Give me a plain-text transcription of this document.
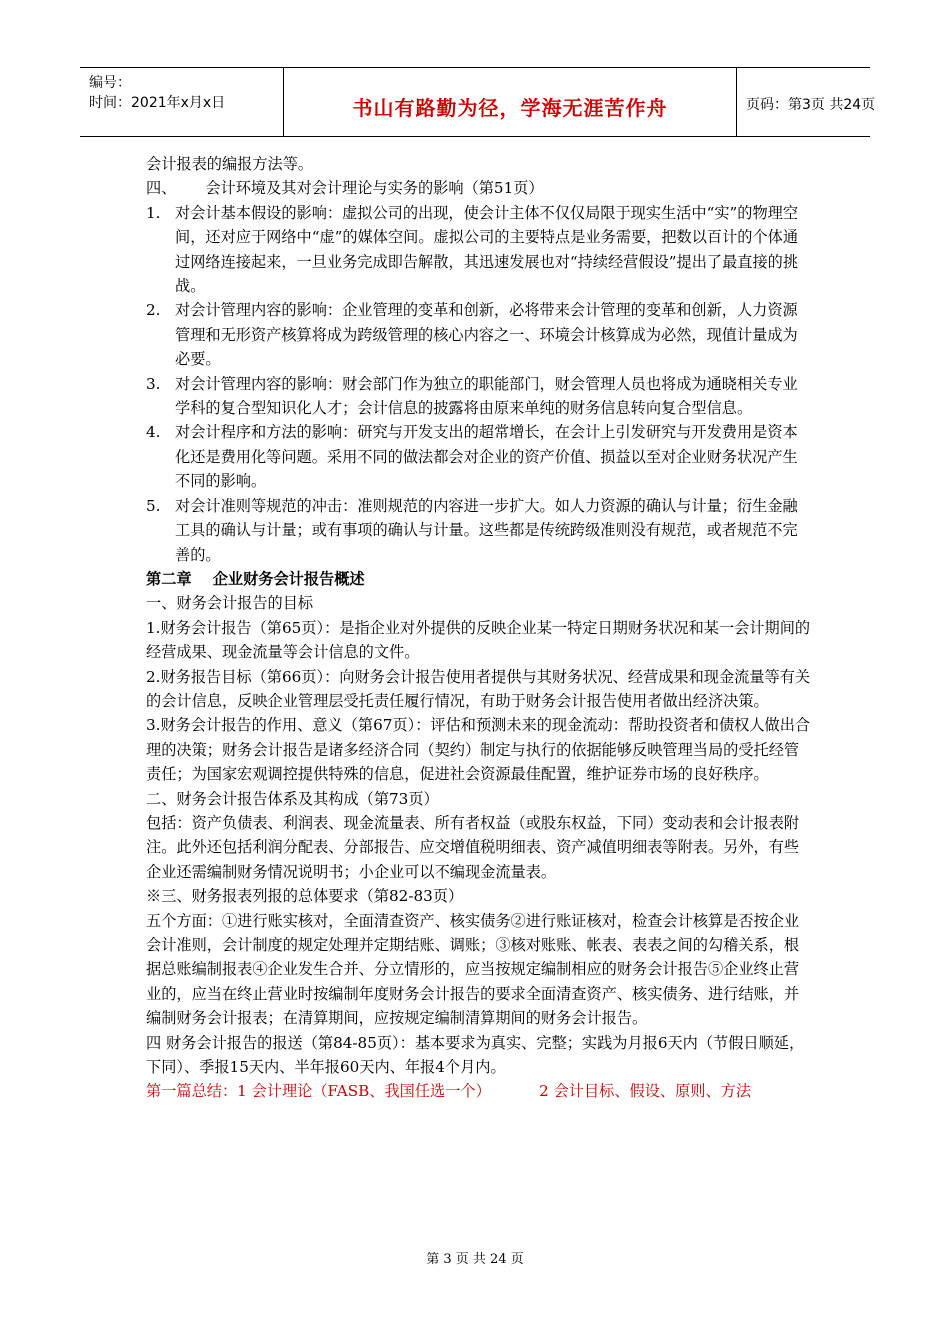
编号：
时间：2021年x月x日	书山有路勤为径，学海无涯苦作舟	页码：第3页 共24页

会计报表的编报方法等。

四、      会计环境及其对会计理论与实务的影响（第51页）

1. 对会计基本假设的影响：虚拟公司的出现，使会计主体不仅仅局限于现实生活中“实”的物理空间，还对应于网络中“虚”的媒体空间。虚拟公司的主要特点是业务需要，把数以百计的个体通过网络连接起来，一旦业务完成即告解散，其迅速发展也对“持续经营假设”提出了最直接的挑战。
2. 对会计管理内容的影响：企业管理的变革和创新，必将带来会计管理的变革和创新，人力资源管理和无形资产核算将成为跨级管理的核心内容之一、环境会计核算成为必然，现值计量成为必要。
3. 对会计管理内容的影响：财会部门作为独立的职能部门，财会管理人员也将成为通晓相关专业学科的复合型知识化人才；会计信息的披露将由原来单纯的财务信息转向复合型信息。
4. 对会计程序和方法的影响：研究与开发支出的超常增长，在会计上引发研究与开发费用是资本化还是费用化等问题。采用不同的做法都会对企业的资产价值、损益以至对企业财务状况产生不同的影响。
5. 对会计准则等规范的冲击：准则规范的内容进一步扩大。如人力资源的确认与计量；衍生金融工具的确认与计量；或有事项的确认与计量。这些都是传统跨级准则没有规范，或者规范不完善的。

第二章    企业财务会计报告概述

一、财务会计报告的目标

1.财务会计报告（第65页）：是指企业对外提供的反映企业某一特定日期财务状况和某一会计期间的经营成果、现金流量等会计信息的文件。

2.财务报告目标（第66页）：向财务会计报告使用者提供与其财务状况、经营成果和现金流量等有关的会计信息，反映企业管理层受托责任履行情况，有助于财务会计报告使用者做出经济决策。

3.财务会计报告的作用、意义（第67页）：评估和预测未来的现金流动：帮助投资者和债权人做出合理的决策；财务会计报告是诸多经济合同（契约）制定与执行的依据能够反映管理当局的受托经管责任；为国家宏观调控提供特殊的信息，促进社会资源最佳配置，维护证券市场的良好秩序。

二、财务会计报告体系及其构成（第73页）

包括：资产负债表、利润表、现金流量表、所有者权益（或股东权益，下同）变动表和会计报表附注。此外还包括利润分配表、分部报告、应交增值税明细表、资产减值明细表等附表。另外，有些企业还需编制财务情况说明书；小企业可以不编现金流量表。

※三、财务报表列报的总体要求（第82-83页）

五个方面：①进行账实核对，全面清查资产、核实债务②进行账证核对，检查会计核算是否按企业会计准则，会计制度的规定处理并定期结账、调账；③核对账账、帐表、表表之间的勾稽关系，根据总账编制报表④企业发生合并、分立情形的，应当按规定编制相应的财务会计报告⑤企业终止营业的，应当在终止营业时按编制年度财务会计报告的要求全面清查资产、核实债务、进行结账，并编制财务会计报表；在清算期间，应按规定编制清算期间的财务会计报告。

四 财务会计报告的报送（第84-85页）：基本要求为真实、完整；实践为月报6天内（节假日顺延，下同）、季报15天内、半年报60天内、年报4个月内。

第一篇总结：1 会计理论（FASB、我国任选一个）          2 会计目标、假设、原则、方法

第 3 页 共 24 页
